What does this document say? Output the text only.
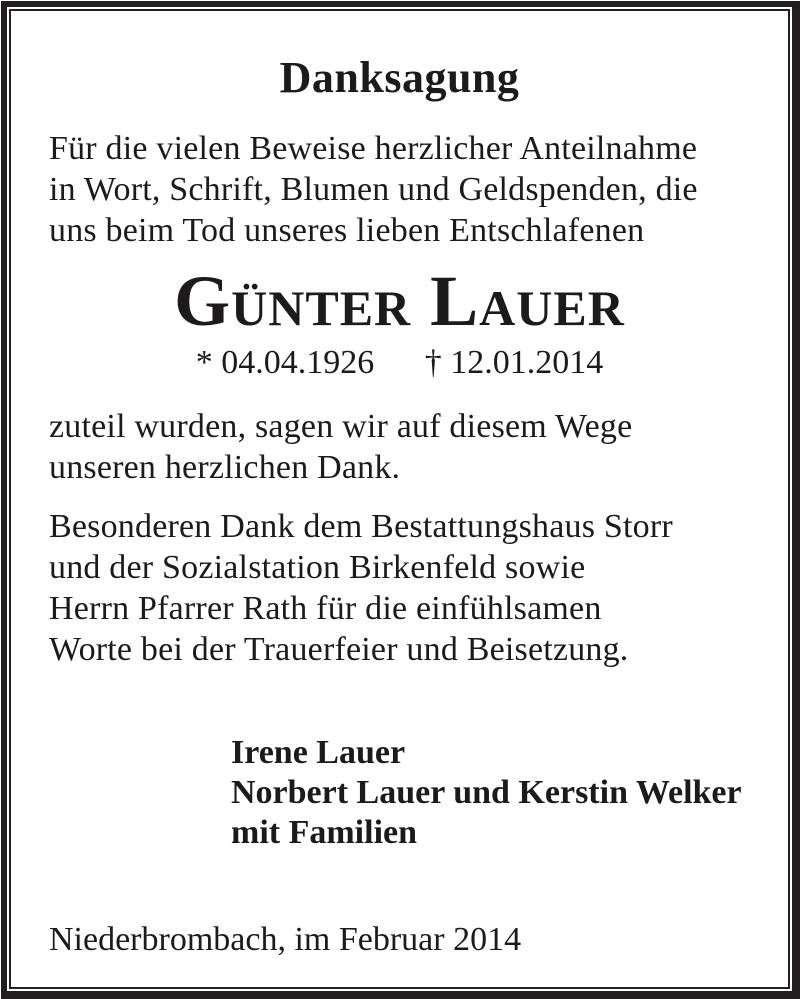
Danksagung
Für die vielen Beweise herzlicher Anteilnahme
in Wort, Schrift, Blumen und Geldspenden, die
uns beim Tod unseres lieben Entschlafenen
Günter Lauer
* 04.04.1926 † 12.01.2014
zuteil wurden, sagen wir auf diesem Wege
unseren herzlichen Dank.
Besonderen Dank dem Bestattungshaus Storr
und der Sozialstation Birkenfeld sowie
Herrn Pfarrer Rath für die einfühlsamen
Worte bei der Trauerfeier und Beisetzung.
Irene Lauer
Norbert Lauer und Kerstin Welker
mit Familien
Niederbrombach, im Februar 2014
